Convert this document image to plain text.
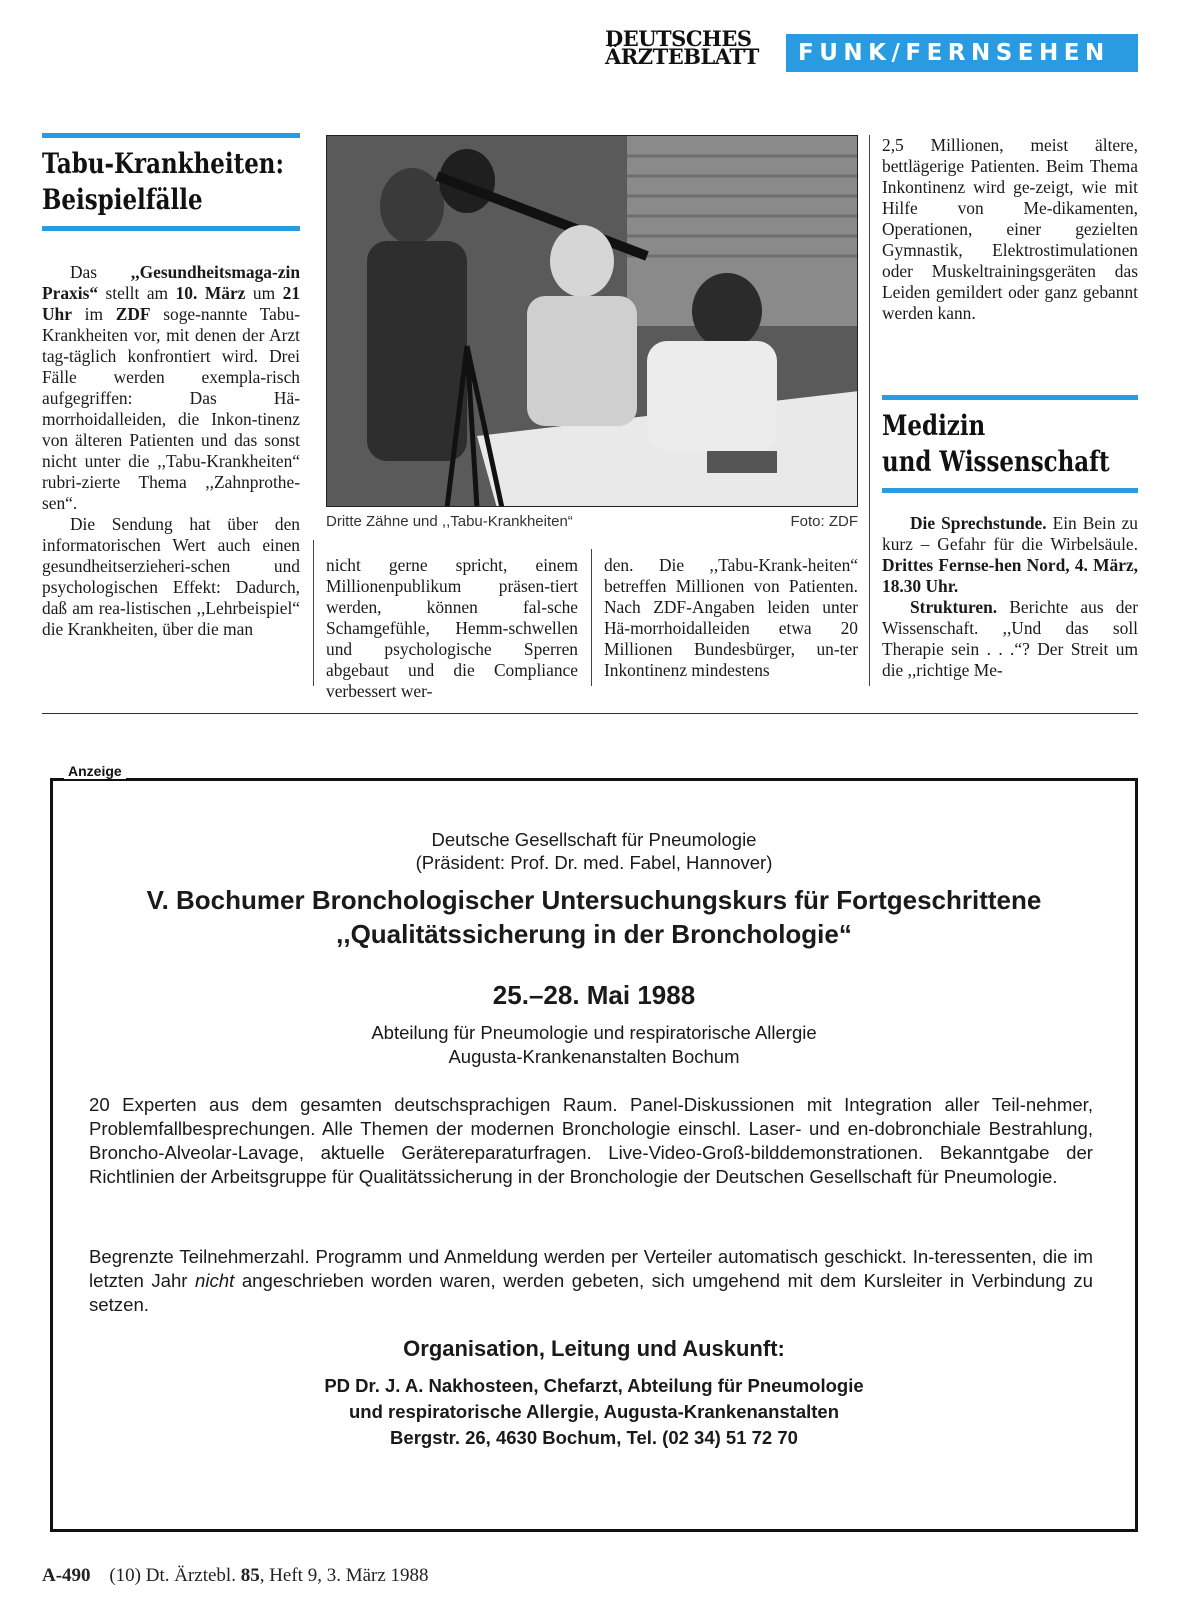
DEUTSCHES
ÄRZTEBLATT	FUNK/FERNSEHEN
Tabu-Krankheiten:
Beispielfälle

Das ,,Gesundheitsmaga-zin Praxis“ stellt am 10. März um 21 Uhr im ZDF soge-nannte Tabu-Krankheiten vor, mit denen der Arzt tag-täglich konfrontiert wird. Drei Fälle werden exempla-risch aufgegriffen: Das Hä-morrhoidalleiden, die Inkon-tinenz von älteren Patienten und das sonst nicht unter die ,,Tabu-Krankheiten“ rubri-zierte Thema ,,Zahnprothe-sen“.

Die Sendung hat über den informatorischen Wert auch einen gesundheitserzieheri-schen und psychologischen Effekt: Dadurch, daß am rea-listischen ,,Lehrbeispiel“ die Krankheiten, über die man

Dritte Zähne und ,,Tabu-Krankheiten“	Foto: ZDF

nicht gerne spricht, einem Millionenpublikum präsen-tiert werden, können fal-sche Schamgefühle, Hemm-schwellen und psychologische Sperren abgebaut und die Compliance verbessert wer-

den. Die ,,Tabu-Krank-heiten“ betreffen Millionen von Patienten. Nach ZDF-Angaben leiden unter Hä-morrhoidalleiden etwa 20 Millionen Bundesbürger, un-ter Inkontinenz mindestens

2,5 Millionen, meist ältere, bettlägerige Patienten. Beim Thema Inkontinenz wird ge-zeigt, wie mit Hilfe von Me-dikamenten, Operationen, einer gezielten Gymnastik, Elektrostimulationen oder Muskeltrainingsgeräten das Leiden gemildert oder ganz gebannt werden kann.

Medizin
und Wissenschaft

Die Sprechstunde. Ein Bein zu kurz – Gefahr für die Wirbelsäule. Drittes Fernse-hen Nord, 4. März, 18.30 Uhr.

Strukturen. Berichte aus der Wissenschaft. ,,Und das soll Therapie sein . . .“? Der Streit um die ,,richtige Me-

Anzeige
Deutsche Gesellschaft für Pneumologie
(Präsident: Prof. Dr. med. Fabel, Hannover)
V. Bochumer Bronchologischer Untersuchungskurs für Fortgeschrittene
,,Qualitätssicherung in der Bronchologie“
25.–28. Mai 1988
Abteilung für Pneumologie und respiratorische Allergie
Augusta-Krankenanstalten Bochum
20 Experten aus dem gesamten deutschsprachigen Raum. Panel-Diskussionen mit Integration aller Teil-nehmer, Problemfallbesprechungen. Alle Themen der modernen Bronchologie einschl. Laser- und en-dobronchiale Bestrahlung, Broncho-Alveolar-Lavage, aktuelle Gerätereparaturfragen. Live-Video-Groß-bilddemonstrationen. Bekanntgabe der Richtlinien der Arbeitsgruppe für Qualitätssicherung in der Bronchologie der Deutschen Gesellschaft für Pneumologie.
Begrenzte Teilnehmerzahl. Programm und Anmeldung werden per Verteiler automatisch geschickt. In-teressenten, die im letzten Jahr nicht angeschrieben worden waren, werden gebeten, sich umgehend mit dem Kursleiter in Verbindung zu setzen.
Organisation, Leitung und Auskunft:
PD Dr. J. A. Nakhosteen, Chefarzt, Abteilung für Pneumologie
und respiratorische Allergie, Augusta-Krankenanstalten
Bergstr. 26, 4630 Bochum, Tel. (02 34) 51 72 70
A-490 (10) Dt. Ärztebl. 85, Heft 9, 3. März 1988
